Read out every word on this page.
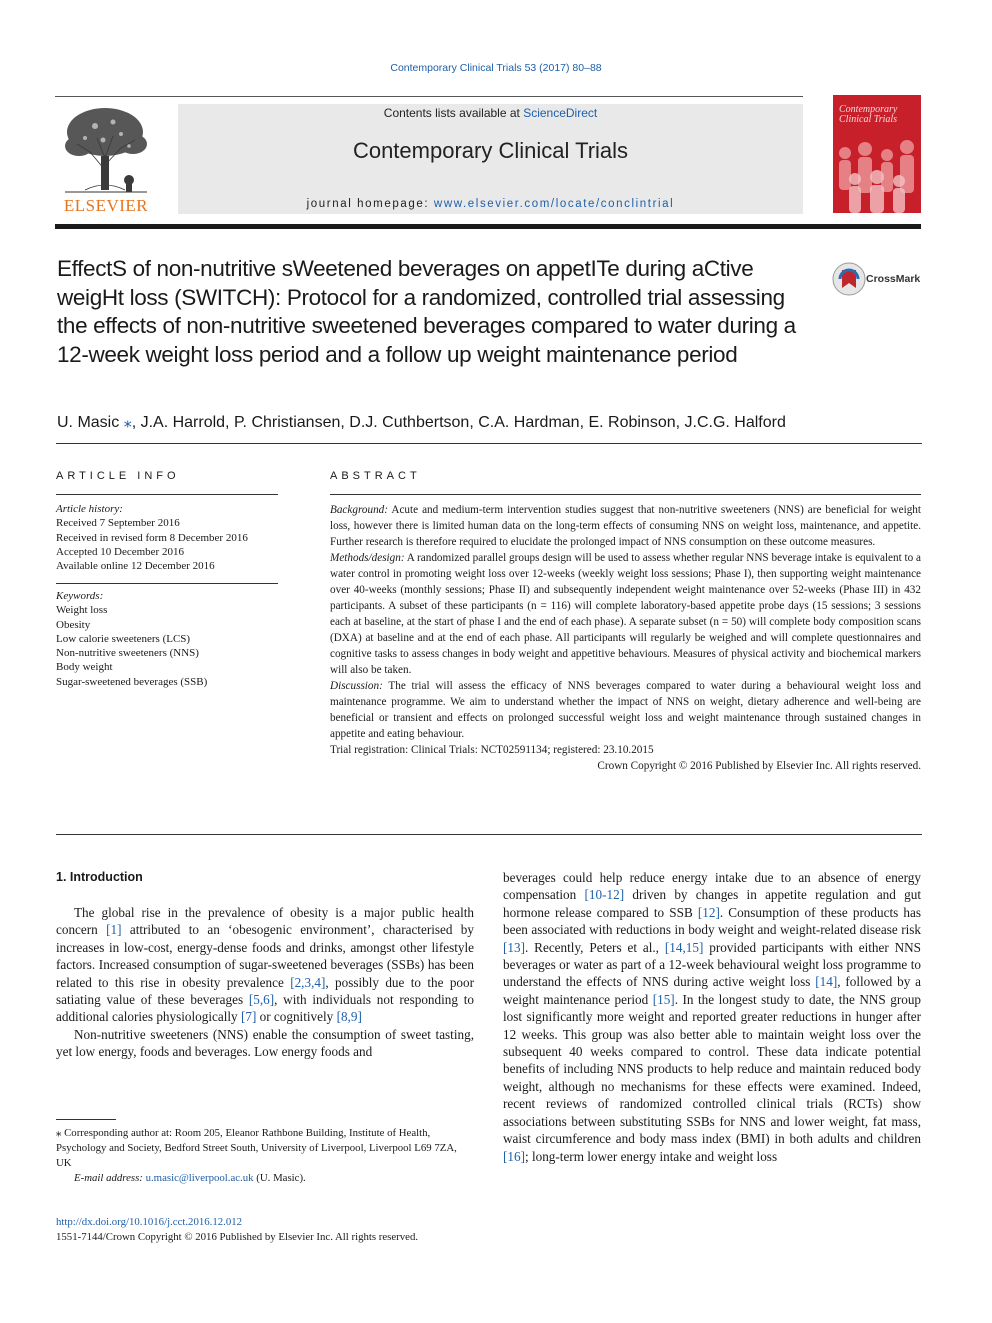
Contemporary Clinical Trials 53 (2017) 80–88
ELSEVIER
Contents lists available at ScienceDirect
Contemporary Clinical Trials
journal homepage: www.elsevier.com/locate/conclintrial
Contemporary Clinical Trials
EffectS of non-nutritive sWeetened beverages on appetITe during aCtive weigHt loss (SWITCH): Protocol for a randomized, controlled trial assessing the effects of non-nutritive sweetened beverages compared to water during a 12-week weight loss period and a follow up weight maintenance period
CrossMark
U. Masic ⁎, J.A. Harrold, P. Christiansen, D.J. Cuthbertson, C.A. Hardman, E. Robinson, J.C.G. Halford
ARTICLE INFO
Article history:
Received 7 September 2016
Received in revised form 8 December 2016
Accepted 10 December 2016
Available online 12 December 2016
Keywords:
Weight loss
Obesity
Low calorie sweeteners (LCS)
Non-nutritive sweeteners (NNS)
Body weight
Sugar-sweetened beverages (SSB)
ABSTRACT

Background: Acute and medium-term intervention studies suggest that non-nutritive sweeteners (NNS) are beneficial for weight loss, however there is limited human data on the long-term effects of consuming NNS on weight loss, maintenance, and appetite. Further research is therefore required to elucidate the prolonged impact of NNS consumption on these outcome measures.

Methods/design: A randomized parallel groups design will be used to assess whether regular NNS beverage intake is equivalent to a water control in promoting weight loss over 12-weeks (weekly weight loss sessions; Phase I), then supporting weight maintenance over 40-weeks (monthly sessions; Phase II) and subsequently independent weight maintenance over 52-weeks (Phase III) in 432 participants. A subset of these participants (n = 116) will complete laboratory-based appetite probe days (15 sessions; 3 sessions each at baseline, at the start of phase I and the end of each phase). A separate subset (n = 50) will complete body composition scans (DXA) at baseline and at the end of each phase. All participants will regularly be weighed and will complete questionnaires and cognitive tasks to assess changes in body weight and appetitive behaviours. Measures of physical activity and biochemical markers will also be taken.

Discussion: The trial will assess the efficacy of NNS beverages compared to water during a behavioural weight loss and maintenance programme. We aim to understand whether the impact of NNS on weight, dietary adherence and well-being are beneficial or transient and effects on prolonged successful weight loss and weight maintenance through sustained changes in appetite and eating behaviour.

Trial registration: Clinical Trials: NCT02591134; registered: 23.10.2015

Crown Copyright © 2016 Published by Elsevier Inc. All rights reserved.

1. Introduction

The global rise in the prevalence of obesity is a major public health concern [1] attributed to an ‘obesogenic environment’, characterised by increases in low-cost, energy-dense foods and drinks, amongst other lifestyle factors. Increased consumption of sugar-sweetened beverages (SSBs) has been related to this rise in obesity prevalence [2,3,4], possibly due to the poor satiating value of these beverages [5,6], with individuals not responding to additional calories physiologically [7] or cognitively [8,9]

Non-nutritive sweeteners (NNS) enable the consumption of sweet tasting, yet low energy, foods and beverages. Low energy foods and

beverages could help reduce energy intake due to an absence of energy compensation [10-12] driven by changes in appetite regulation and gut hormone release compared to SSB [12]. Consumption of these products has been associated with reductions in body weight and weight-related disease risk [13]. Recently, Peters et al., [14,15] provided participants with either NNS beverages or water as part of a 12-week behavioural weight loss programme to understand the effects of NNS during active weight loss [14], followed by a weight maintenance period [15]. In the longest study to date, the NNS group lost significantly more weight and reported greater reductions in hunger after 12 weeks. This group was also better able to maintain weight loss over the subsequent 40 weeks compared to control. These data indicate potential benefits of including NNS products to help reduce and maintain reduced body weight, although no mechanisms for these effects were examined. Indeed, recent reviews of randomized controlled clinical trials (RCTs) show associations between substituting SSBs for NNS and lower weight, fat mass, waist circumference and body mass index (BMI) in both adults and children [16]; long-term lower energy intake and weight loss

⁎ Corresponding author at: Room 205, Eleanor Rathbone Building, Institute of Health, Psychology and Society, Bedford Street South, University of Liverpool, Liverpool L69 7ZA, UK
E-mail address: u.masic@liverpool.ac.uk (U. Masic).
http://dx.doi.org/10.1016/j.cct.2016.12.012
1551-7144/Crown Copyright © 2016 Published by Elsevier Inc. All rights reserved.
